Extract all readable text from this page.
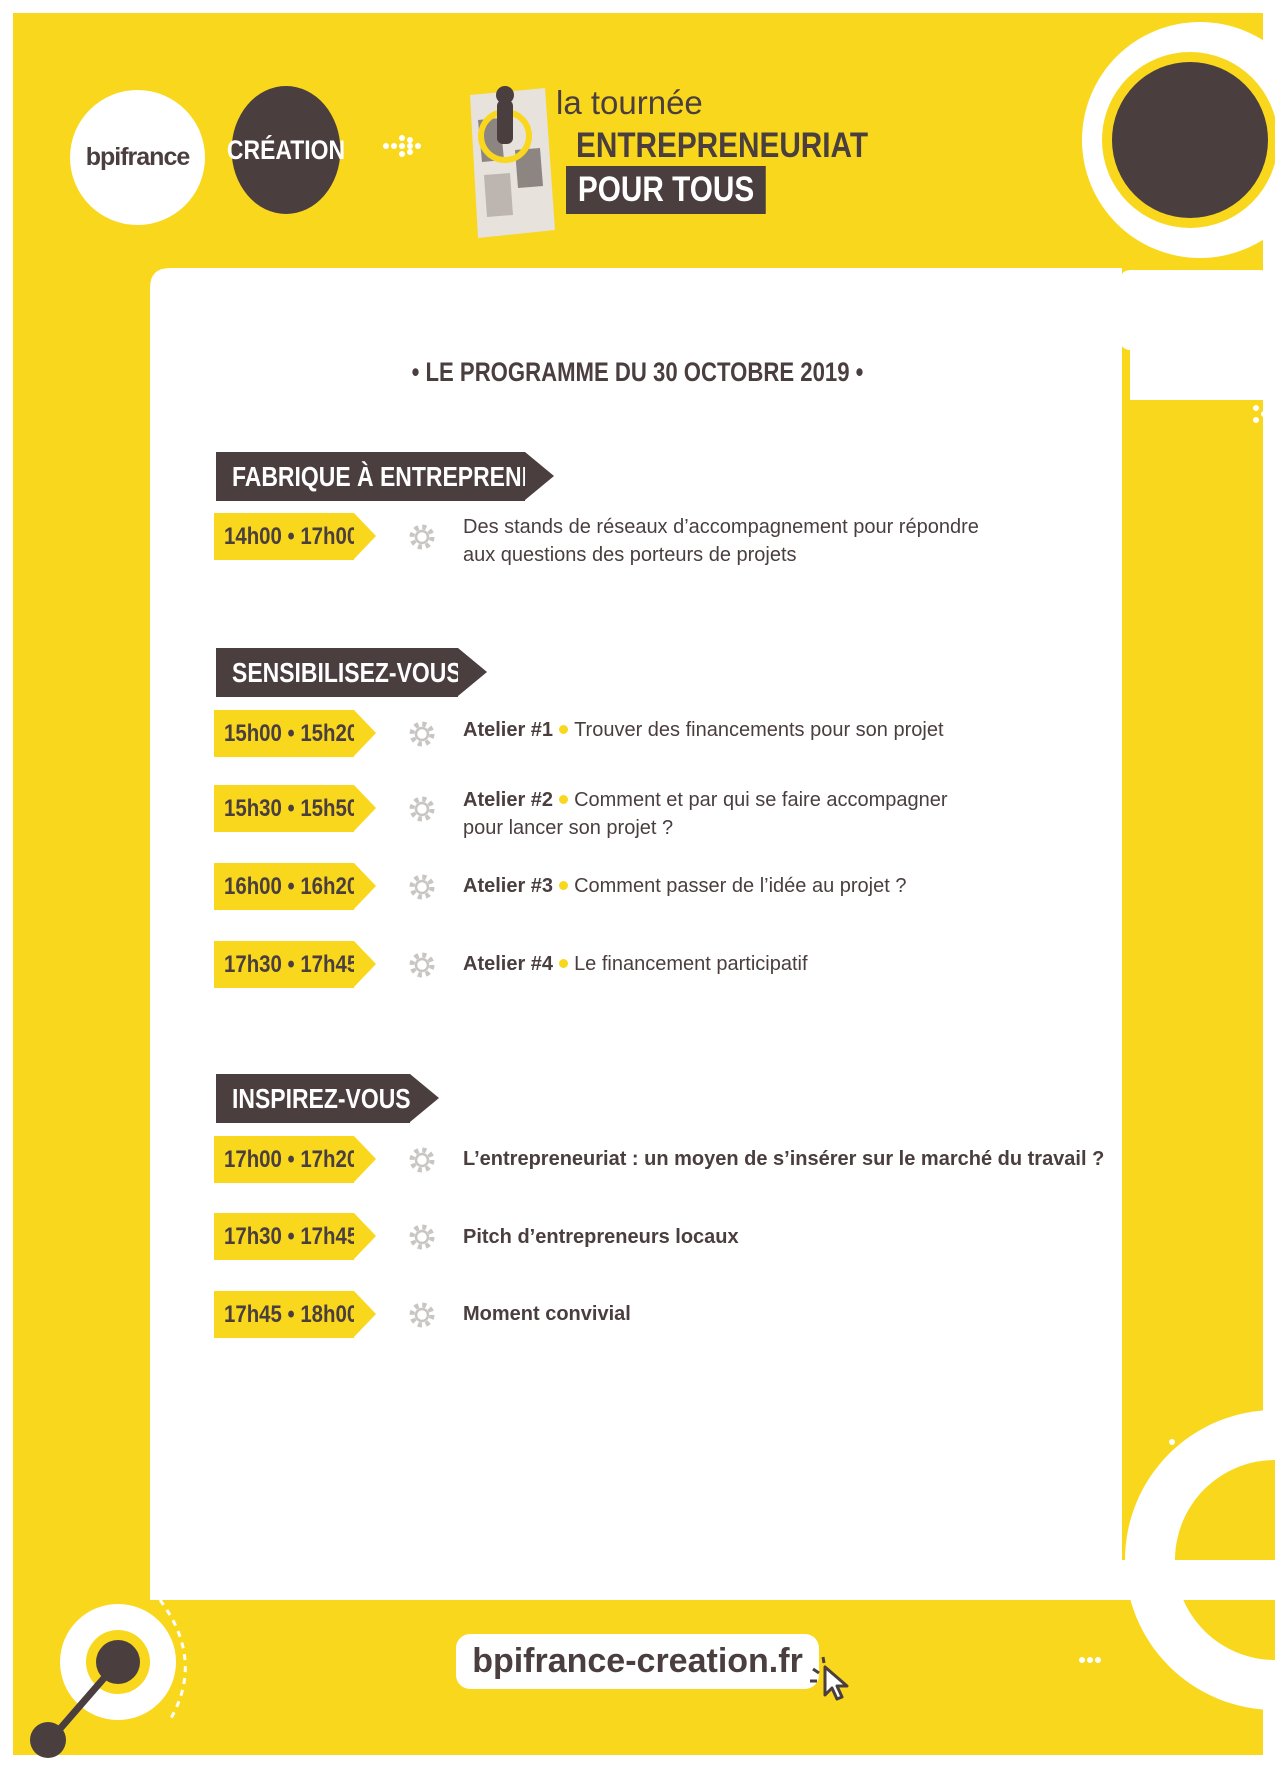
bpifrance CRÉATION
la tournée
ENTREPRENEURIAT
POUR TOUS
• LE PROGRAMME DU 30 OCTOBRE 2019 •
FABRIQUE À ENTREPRENDRE
14h00 • 17h00	Des stands de réseaux d’accompagnement pour répondre
aux questions des porteurs de projets
SENSIBILISEZ-VOUS
15h00 • 15h20	Atelier #1 Trouver des financements pour son projet
15h30 • 15h50	Atelier #2 Comment et par qui se faire accompagner
pour lancer son projet ?
16h00 • 16h20	Atelier #3 Comment passer de l’idée au projet ?
17h30 • 17h45	Atelier #4 Le financement participatif
INSPIREZ-VOUS
17h00 • 17h20	L’entrepreneuriat : un moyen de s’insérer sur le marché du travail ?
17h30 • 17h45	Pitch d’entrepreneurs locaux
17h45 • 18h00	Moment convivial
bpifrance-creation.fr
